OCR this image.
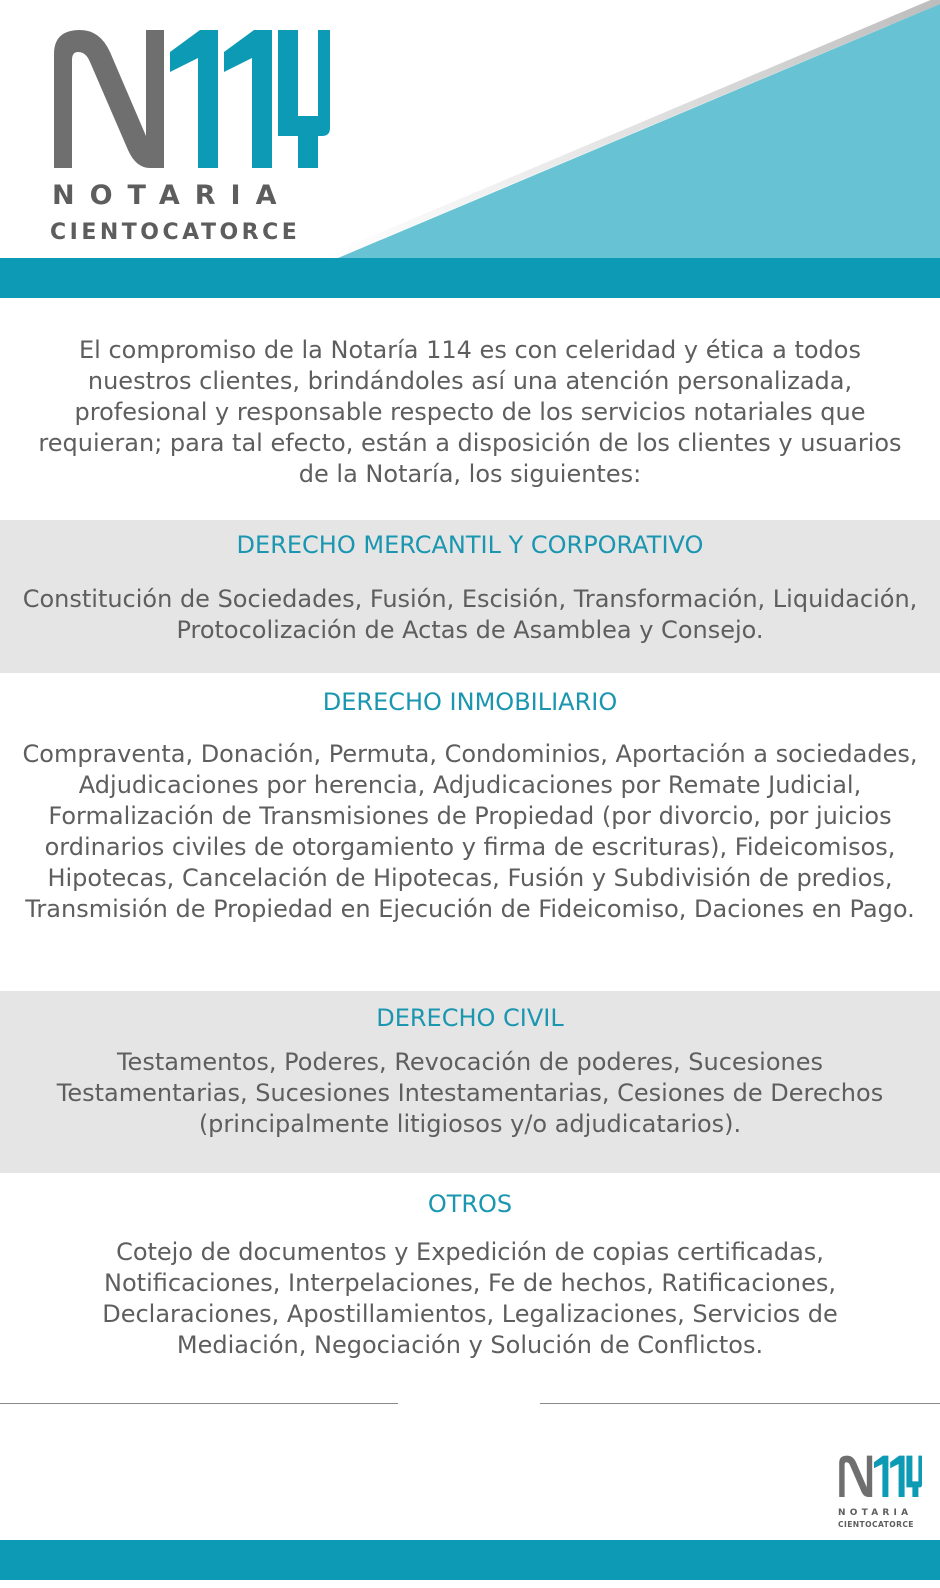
114
NOTARIA
CIENTOCATORCE
El compromiso de la Notaría 114 es con celeridad y ética a todos nuestros clientes, brindándoles así una atención personalizada, profesional y responsable respecto de los servicios notariales que requieran; para tal efecto, están a disposición de los clientes y usuarios de la Notaría, los siguientes:
DERECHO MERCANTIL Y CORPORATIVO
Constitución de Sociedades, Fusión, Escisión, Transformación, Liquidación, Protocolización de Actas de Asamblea y Consejo.
DERECHO INMOBILIARIO
Compraventa, Donación, Permuta, Condominios, Aportación a sociedades, Adjudicaciones por herencia, Adjudicaciones por Remate Judicial, Formalización de Transmisiones de Propiedad (por divorcio, por juicios ordinarios civiles de otorgamiento y firma de escrituras), Fideicomisos, Hipotecas, Cancelación de Hipotecas, Fusión y Subdivisión de predios, Transmisión de Propiedad en Ejecución de Fideicomiso, Daciones en Pago.
DERECHO CIVIL
Testamentos, Poderes, Revocación de poderes, Sucesiones Testamentarias, Sucesiones Intestamentarias, Cesiones de Derechos (principalmente litigiosos y/o adjudicatarios).
OTROS
Cotejo de documentos y Expedición de copias certificadas, Notificaciones, Interpelaciones, Fe de hechos, Ratificaciones, Declaraciones, Apostillamientos, Legalizaciones, Servicios de Mediación, Negociación y Solución de Conflictos.
NOTARIA
CIENTOCATORCE
114
